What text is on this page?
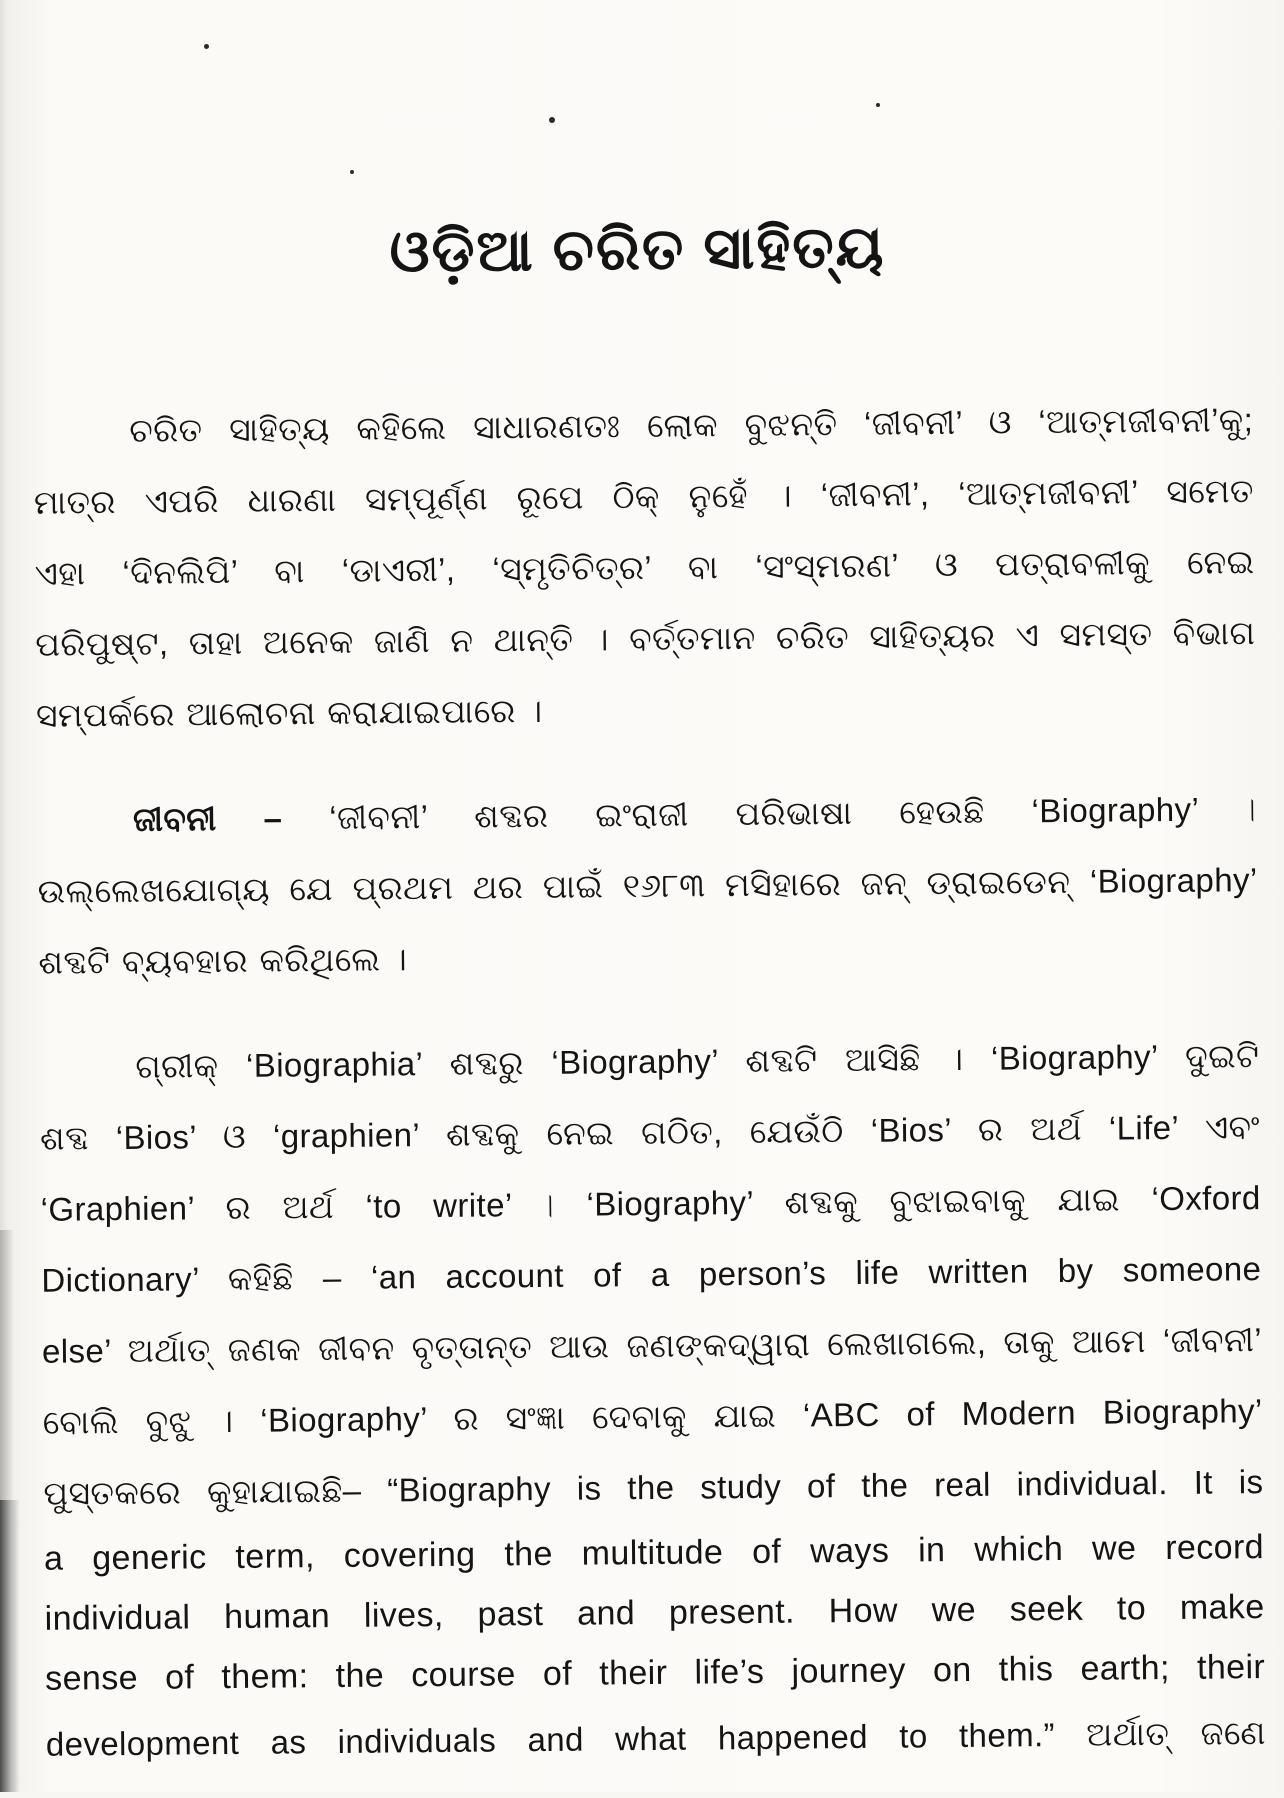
ଓଡ଼ିଆ ଚରିତ ସାହିତ୍ୟ
ଚରିତ ସାହିତ୍ୟ କହିଲେ ସାଧାରଣତଃ ଲୋକ ବୁଝନ୍ତି ‘ଜୀବନୀ’ ଓ ‘ଆତ୍ମଜୀବନୀ’କୁ;
ମାତ୍ର ଏପରି ଧାରଣା ସମ୍ପୂର୍ଣ୍ଣ ରୂପେ ଠିକ୍ ନୁହେଁ । ‘ଜୀବନୀ’, ‘ଆତ୍ମଜୀବନୀ’ ସମେତ
ଏହା ‘ଦିନଲିପି’ ବା ‘ଡାଏରୀ’, ‘ସ୍ମୃତିଚିତ୍ର’ ବା ‘ସଂସ୍ମରଣ’ ଓ ପତ୍ରାବଳୀକୁ ନେଇ
ପରିପୁଷ୍ଟ, ତାହା ଅନେକ ଜାଣି ନ ଥାନ୍ତି । ବର୍ତ୍ତମାନ ଚରିତ ସାହିତ୍ୟର ଏ ସମସ୍ତ ବିଭାଗ
ସମ୍ପର୍କରେ ଆଲୋଚନା କରାଯାଇପାରେ ।
ଜୀବନୀ – ‘ଜୀବନୀ’ ଶବ୍ଦର ଇଂରାଜୀ ପରିଭାଷା ହେଉଛି ‘Biography’ ।
ଉଲ୍ଲେଖଯୋଗ୍ୟ ଯେ ପ୍ରଥମ ଥର ପାଇଁ ୧୬୮୩ ମସିହାରେ ଜନ୍ ଡ୍ରାଇଡେନ୍ ‘Biography’
ଶବ୍ଦଟି ବ୍ୟବହାର କରିଥିଲେ ।
ଗ୍ରୀକ୍ ‘Biographia’ ଶବ୍ଦରୁ ‘Biography’ ଶବ୍ଦଟି ଆସିଛି । ‘Biography’ ଦୁଇଟି
ଶବ୍ଦ ‘Bios’ ଓ ‘graphien’ ଶବ୍ଦକୁ ନେଇ ଗଠିତ, ଯେଉଁଠି ‘Bios’ ର ଅର୍ଥ ‘Life’ ଏବଂ
‘Graphien’ ର ଅର୍ଥ ‘to write’ । ‘Biography’ ଶବ୍ଦକୁ ବୁଝାଇବାକୁ ଯାଇ ‘Oxford
Dictionary’ କହିଛି – ‘an account of a person’s life written by someone
else’ ଅର୍ଥାତ୍ ଜଣକ ଜୀବନ ବୃତ୍ତାନ୍ତ ଆଉ ଜଣଙ୍କଦ୍ୱାରା ଲେଖାଗଲେ, ତାକୁ ଆମେ ‘ଜୀବନୀ’
ବୋଲି ବୁଝୁ । ‘Biography’ ର ସଂଜ୍ଞା ଦେବାକୁ ଯାଇ ‘ABC of Modern Biography’
ପୁସ୍ତକରେ କୁହାଯାଇଛି– “Biography is the study of the real individual. It is
a generic term, covering the multitude of ways in which we record
individual human lives, past and present. How we seek to make
sense of them: the course of their life’s journey on this earth; their
development as individuals and what happened to them.” ଅର୍ଥାତ୍ ଜଣେ
